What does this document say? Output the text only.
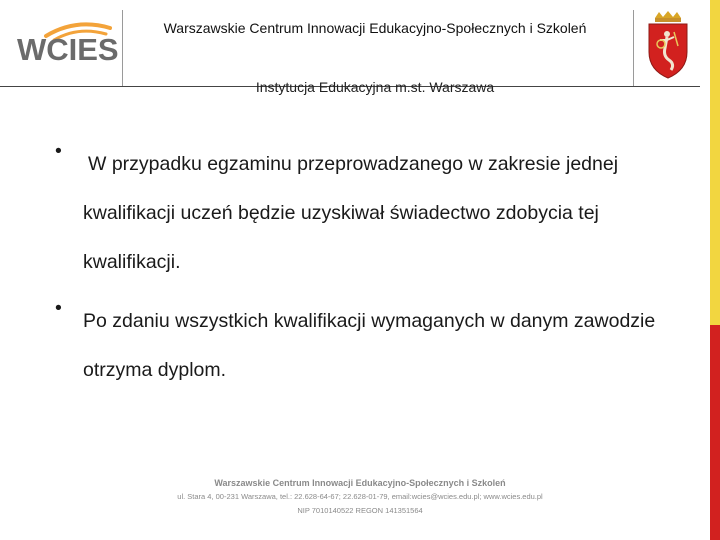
WCIES
Warszawskie Centrum Innowacji Edukacyjno-Społecznych i Szkoleń
Instytucja Edukacyjna m.st. Warszawa
•
W przypadku egzaminu przeprowadzanego w zakresie jednej kwalifikacji uczeń będzie uzyskiwał świadectwo zdobycia tej kwalifikacji.
•
Po zdaniu wszystkich kwalifikacji wymaganych w danym zawodzie otrzyma dyplom.
Warszawskie Centrum Innowacji Edukacyjno-Społecznych i Szkoleń
ul. Stara 4, 00-231 Warszawa, tel.: 22.628-64-67; 22.628-01-79, email:wcies@wcies.edu.pl; www.wcies.edu.pl
NIP 7010140522 REGON 141351564
